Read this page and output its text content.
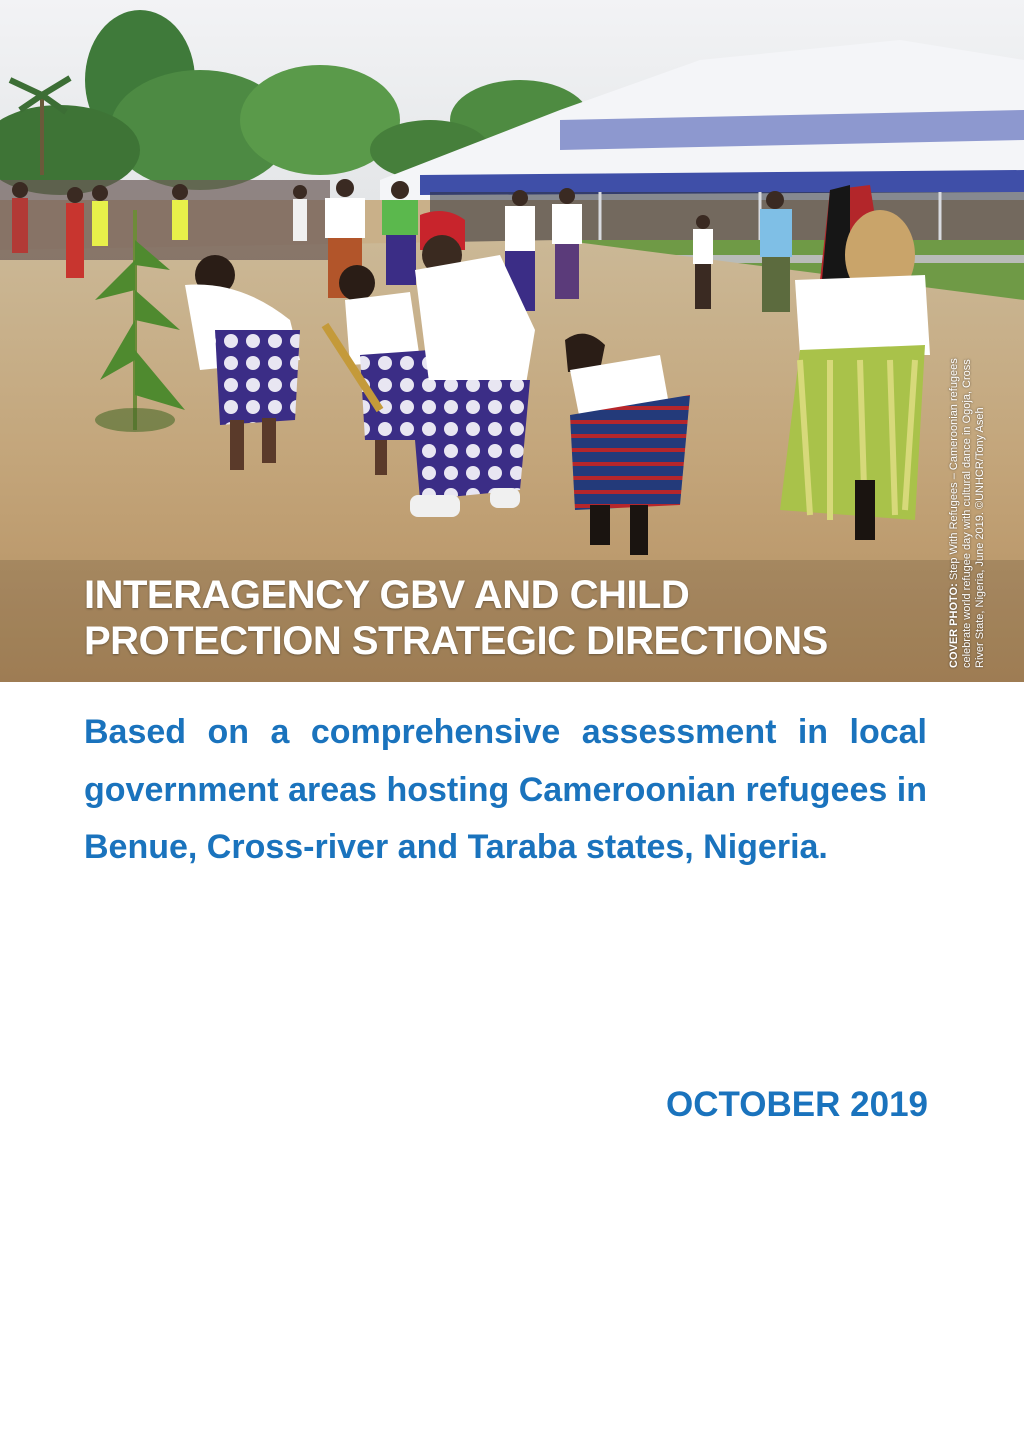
INTERAGENCY GBV AND CHILD
PROTECTION STRATEGIC DIRECTIONS	COVER PHOTO: Step With Refugees – Cameroonian refugees celebrate world refugee day with cultural dance in Ogoja, Cross River State, Nigeria, June 2019. ©UNHCR/Tony Aseh

Based on a comprehensive assessment in local government areas hosting Cameroonian refugees in Benue, Cross-river and Taraba states, Nigeria.

OCTOBER 2019
